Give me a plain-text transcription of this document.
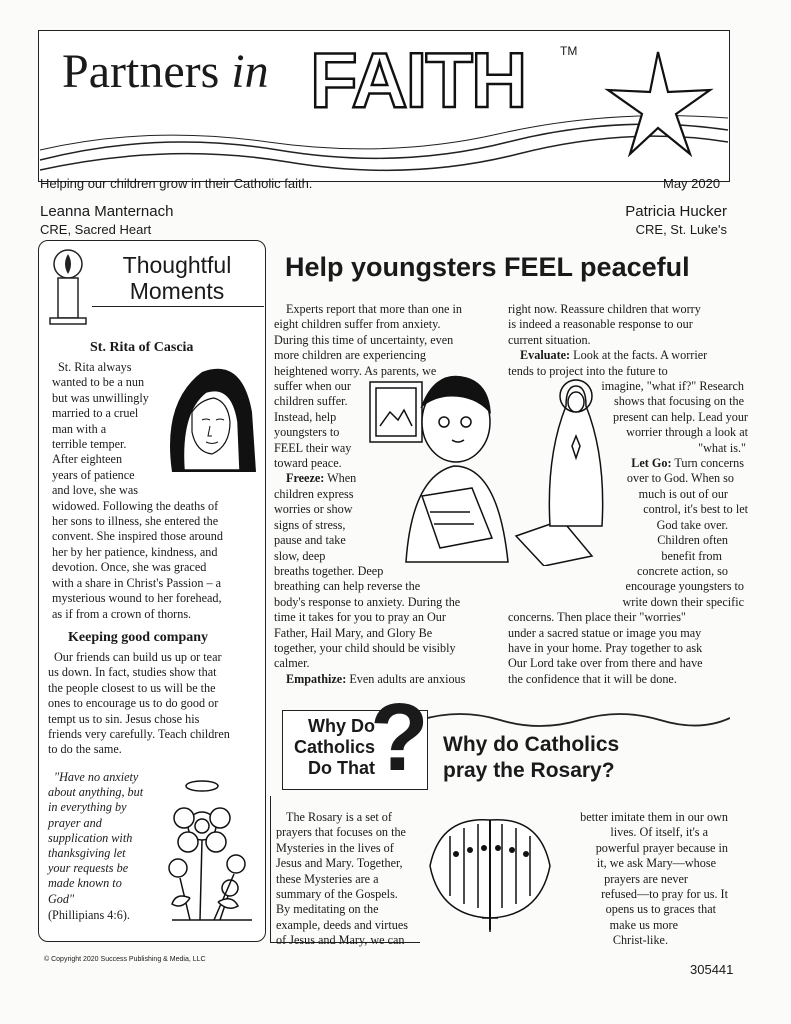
Partners in FAITH	TM
Helping our children grow in their Catholic faith.	May 2020
Leanna Manternach
CRE, Sacred Heart
Patricia Hucker
CRE, St. Luke's
Thoughtful
Moments
St. Rita of Cascia
St. Rita always
wanted to be a nun
but was unwillingly
married to a cruel
man with a
terrible temper.
After eighteen
years of patience
and love, she was
widowed. Following the deaths of
her sons to illness, she entered the
convent. She inspired those around
her by her patience, kindness, and
devotion. Once, she was graced
with a share in Christ's Passion – a
mysterious wound to her forehead,
as if from a crown of thorns.
Keeping good company
Our friends can build us up or tear
us down. In fact, studies show that
the people closest to us will be the
ones to encourage us to do good or
tempt us to sin. Jesus chose his
friends very carefully. Teach children
to do the same.
"Have no anxiety
about anything, but
in everything by
prayer and
supplication with
thanksgiving let
your requests be
made known to
God"
(Phillipians 4:6).
Help youngsters FEEL peaceful
Experts report that more than one in
eight children suffer from anxiety.
During this time of uncertainty, even
more children are experiencing
heightened worry. As parents, we
suffer when our
children suffer.
Instead, help
youngsters to
FEEL their way
toward peace.
Freeze: When
children express
worries or show
signs of stress,
pause and take
slow, deep
breaths together. Deep
breathing can help reverse the
body's response to anxiety. During the
time it takes for you to pray an Our
Father, Hail Mary, and Glory Be
together, your child should be visibly
calmer.
Empathize: Even adults are anxious
right now. Reassure children that worry
is indeed a reasonable response to our
current situation.
Evaluate: Look at the facts. A worrier
tends to project into the future to
imagine, "what if?" Research
shows that focusing on the
present can help. Lead your
worrier through a look at
"what is."
Let Go: Turn concerns
over to God. When so
much is out of our
control, it's best to let
God take over.
Children often
benefit from
concrete action, so
encourage youngsters to
write down their specific
concerns. Then place their "worries"
under a sacred statue or image you may
have in your home. Pray together to ask
Our Lord take over from there and have
the confidence that it will be done.
Why Do
Catholics
Do That
? Why do Catholics
pray the Rosary?
The Rosary is a set of
prayers that focuses on the
Mysteries in the lives of
Jesus and Mary. Together,
these Mysteries are a
summary of the Gospels.
By meditating on the
example, deeds and virtues
of Jesus and Mary, we can
better imitate them in our own
lives. Of itself, it's a
powerful prayer because in
it, we ask Mary—whose
prayers are never
refused—to pray for us. It
opens us to graces that
make us more
Christ-like.
© Copyright 2020 Success Publishing & Media, LLC
305441
